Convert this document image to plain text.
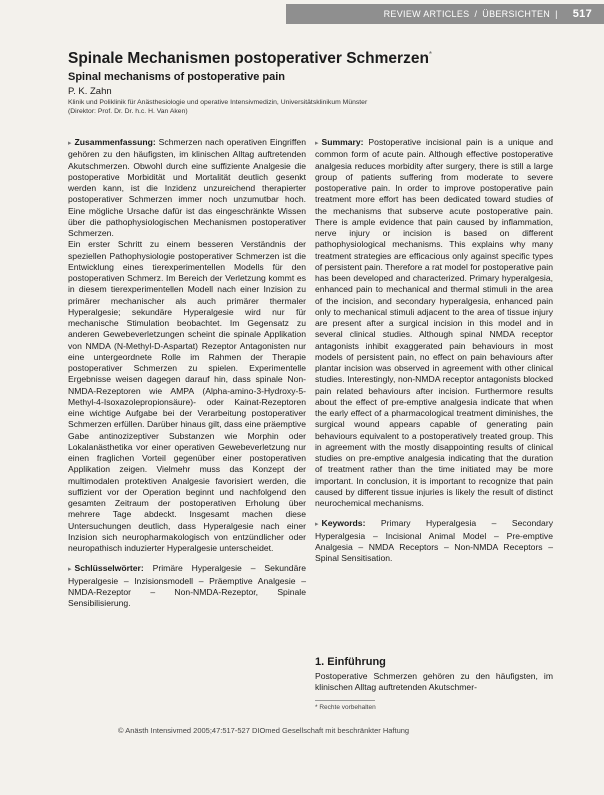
REVIEW ARTICLES / ÜBERSICHTEN | 517
Spinale Mechanismen postoperativer Schmerzen*
Spinal mechanisms of postoperative pain
P. K. Zahn
Klinik und Poliklinik für Anästhesiologie und operative Intensivmedizin, Universitätsklinikum Münster
(Direktor: Prof. Dr. Dr. h.c. H. Van Aken)

▸ Zusammenfassung: Schmerzen nach operativen Eingriffen gehören zu den häufigsten, im klinischen Alltag auftretenden Akutschmerzen. Obwohl durch eine suffiziente Analgesie die postoperative Morbidität und Mortalität deutlich gesenkt werden kann, ist die Inzidenz unzureichend therapierter postoperativer Schmerzen immer noch unzumutbar hoch. Eine mögliche Ursache dafür ist das eingeschränkte Wissen über die pathophysiologischen Mechanismen postoperativer Schmerzen.

Ein erster Schritt zu einem besseren Verständnis der speziellen Pathophysiologie postoperativer Schmerzen ist die Entwicklung eines tierexperimentellen Modells für den postoperativen Schmerz. Im Bereich der Verletzung kommt es in diesem tierexperimentellen Modell nach einer Inzision zu primärer mechanischer als auch primärer thermaler Hyperalgesie; sekundäre Hyperalgesie wird nur für mechanische Stimulation beobachtet. Im Gegensatz zu anderen Gewebeverletzungen scheint die spinale Applikation von NMDA (N-Methyl-D-Aspartat) Rezeptor Antagonisten nur eine untergeordnete Rolle im Rahmen der Therapie postoperativer Schmerzen zu spielen. Experimentelle Ergebnisse weisen dagegen darauf hin, dass spinale Non-NMDA-Rezeptoren wie AMPA (Alpha-amino-3-Hydroxy-5-Methyl-4-Isoxazolepropionsäure)- oder Kainat-Rezeptoren eine wichtige Aufgabe bei der Verarbeitung postoperativer Schmerzen erfüllen. Darüber hinaus gilt, dass eine präemptive Gabe antinozizeptiver Substanzen wie Morphin oder Lokalanästhetika vor einer operativen Gewebeverletzung nur einen fraglichen Vorteil gegenüber einer postoperativen Applikation zeigen. Vielmehr muss das Konzept der multimodalen protektiven Analgesie favorisiert werden, die suffizient vor der Operation beginnt und nachfolgend den gesamten Zeitraum der postoperativen Erholung über mehrere Tage abdeckt. Insgesamt machen diese Untersuchungen deutlich, dass Hyperalgesie nach einer Inzision sich neuropharmakologisch von entzündlicher oder neuropathisch induzierter Hyperalgesie unterscheidet.

▸ Schlüsselwörter: Primäre Hyperalgesie – Sekundäre Hyperalgesie – Inzisionsmodell – Präemptive Analgesie – NMDA-Rezeptor – Non-NMDA-Rezeptor, Spinale Sensibilisierung.

▸ Summary: Postoperative incisional pain is a unique and common form of acute pain. Although effective postoperative analgesia reduces morbidity after surgery, there is still a large group of patients suffering from moderate to severe postoperative pain. In order to improve postoperative pain treatment more effort has been dedicated toward studies of the mechanisms that subserve acute postoperative pain. There is ample evidence that pain caused by inflammation, nerve injury or incision is based on different pathophysiological mechanisms. This explains why many treatment strategies are efficacious only against specific types of persistent pain. Therefore a rat model for postoperative pain has been developed and characterized. Primary hyperalgesia, enhanced pain to mechanical and thermal stimuli in the area of the incision, and secondary hyperalgesia, enhanced pain only to mechanical stimuli adjacent to the area of tissue injury are present after a surgical incision in this model and in several clinical studies. Although spinal NMDA receptor antagonists inhibit exaggerated pain behaviours in most models of persistent pain, no effect on pain behaviours after plantar incision was observed in agreement with other clinical studies. Interestingly, non-NMDA receptor antagonists blocked pain related behaviours after incision. Furthermore results about the effect of pre-emptive analgesia indicate that when the early effect of a pharmacological treatment diminishes, the surgical wound appears capable of generating pain behaviours equivalent to a postoperatively treated group. This in agreement with the mostly disappointing results of clinical studies on pre-emptive analgesia indicating that the duration of treatment rather than the time initiated may be more important. In conclusion, it is important to recognize that pain caused by different tissue injuries is likely the result of distinct neurochemical mechanisms.

▸ Keywords: Primary Hyperalgesia – Secondary Hyperalgesia – Incisional Animal Model – Pre-emptive Analgesia – NMDA Receptors – Non-NMDA Receptors – Spinal Sensitisation.

1. Einführung
Postoperative Schmerzen gehören zu den häufigsten, im klinischen Alltag auftretenden Akutschmer-
* Rechte vorbehalten
© Anästh Intensivmed 2005;47:517-527 DIOmed Gesellschaft mit beschränkter Haftung
